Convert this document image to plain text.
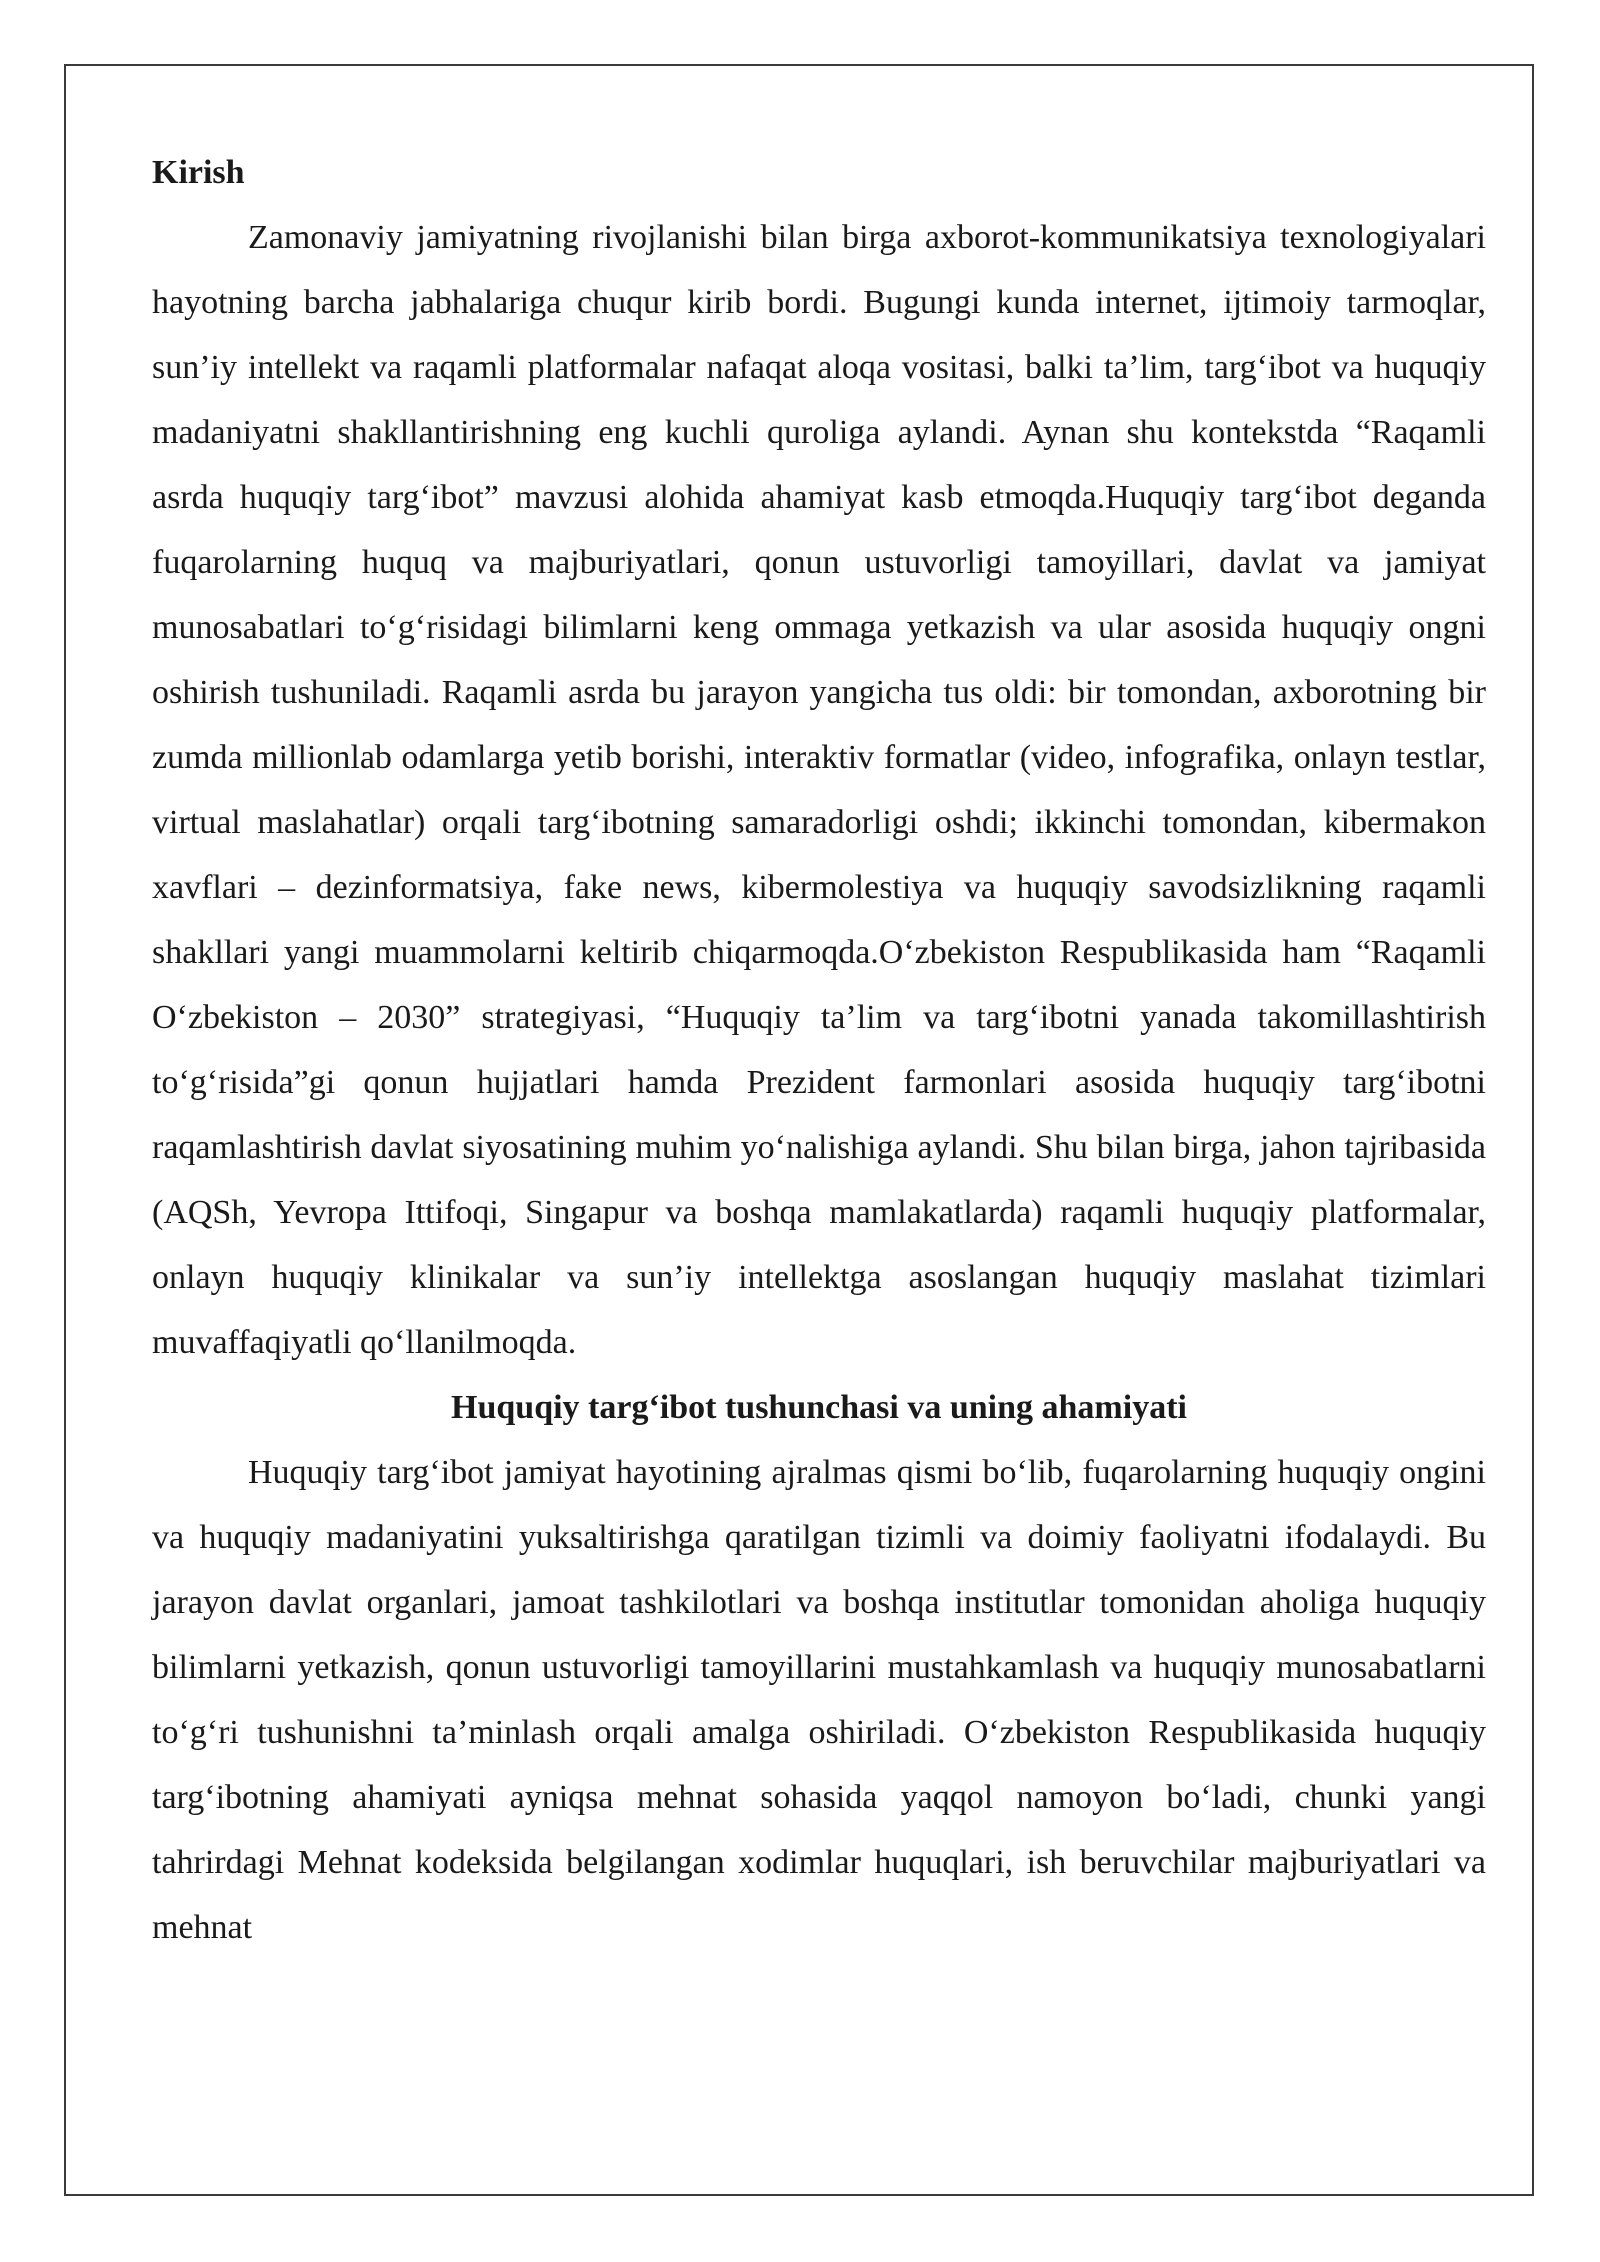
Kirish

Zamonaviy jamiyatning rivojlanishi bilan birga axborot-kommunikatsiya texnologiyalari hayotning barcha jabhalariga chuqur kirib bordi. Bugungi kunda internet, ijtimoiy tarmoqlar, sun’iy intellekt va raqamli platformalar nafaqat aloqa vositasi, balki ta’lim, targ‘ibot va huquqiy madaniyatni shakllantirishning eng kuchli quroliga aylandi. Aynan shu kontekstda “Raqamli asrda huquqiy targ‘ibot” mavzusi alohida ahamiyat kasb etmoqda.Huquqiy targ‘ibot deganda fuqarolarning huquq va majburiyatlari, qonun ustuvorligi tamoyillari, davlat va jamiyat munosabatlari to‘g‘risidagi bilimlarni keng ommaga yetkazish va ular asosida huquqiy ongni oshirish tushuniladi. Raqamli asrda bu jarayon yangicha tus oldi: bir tomondan, axborotning bir zumda millionlab odamlarga yetib borishi, interaktiv formatlar (video, infografika, onlayn testlar, virtual maslahatlar) orqali targ‘ibotning samaradorligi oshdi; ikkinchi tomondan, kibermakon xavflari – dezinformatsiya, fake news, kibermolestiya va huquqiy savodsizlikning raqamli shakllari yangi muammolarni keltirib chiqarmoqda.O‘zbekiston Respublikasida ham “Raqamli O‘zbekiston – 2030” strategiyasi, “Huquqiy ta’lim va targ‘ibotni yanada takomillashtirish to‘g‘risida”gi qonun hujjatlari hamda Prezident farmonlari asosida huquqiy targ‘ibotni raqamlashtirish davlat siyosatining muhim yo‘nalishiga aylandi. Shu bilan birga, jahon tajribasida (AQSh, Yevropa Ittifoqi, Singapur va boshqa mamlakatlarda) raqamli huquqiy platformalar, onlayn huquqiy klinikalar va sun’iy intellektga asoslangan huquqiy maslahat tizimlari muvaffaqiyatli qo‘llanilmoqda.

Huquqiy targ‘ibot tushunchasi va uning ahamiyati

Huquqiy targ‘ibot jamiyat hayotining ajralmas qismi bo‘lib, fuqarolarning huquqiy ongini va huquqiy madaniyatini yuksaltirishga qaratilgan tizimli va doimiy faoliyatni ifodalaydi. Bu jarayon davlat organlari, jamoat tashkilotlari va boshqa institutlar tomonidan aholiga huquqiy bilimlarni yetkazish, qonun ustuvorligi tamoyillarini mustahkamlash va huquqiy munosabatlarni to‘g‘ri tushunishni ta’minlash orqali amalga oshiriladi. O‘zbekiston Respublikasida huquqiy targ‘ibotning ahamiyati ayniqsa mehnat sohasida yaqqol namoyon bo‘ladi, chunki yangi tahrirdagi Mehnat kodeksida belgilangan xodimlar huquqlari, ish beruvchilar majburiyatlari va mehnat
